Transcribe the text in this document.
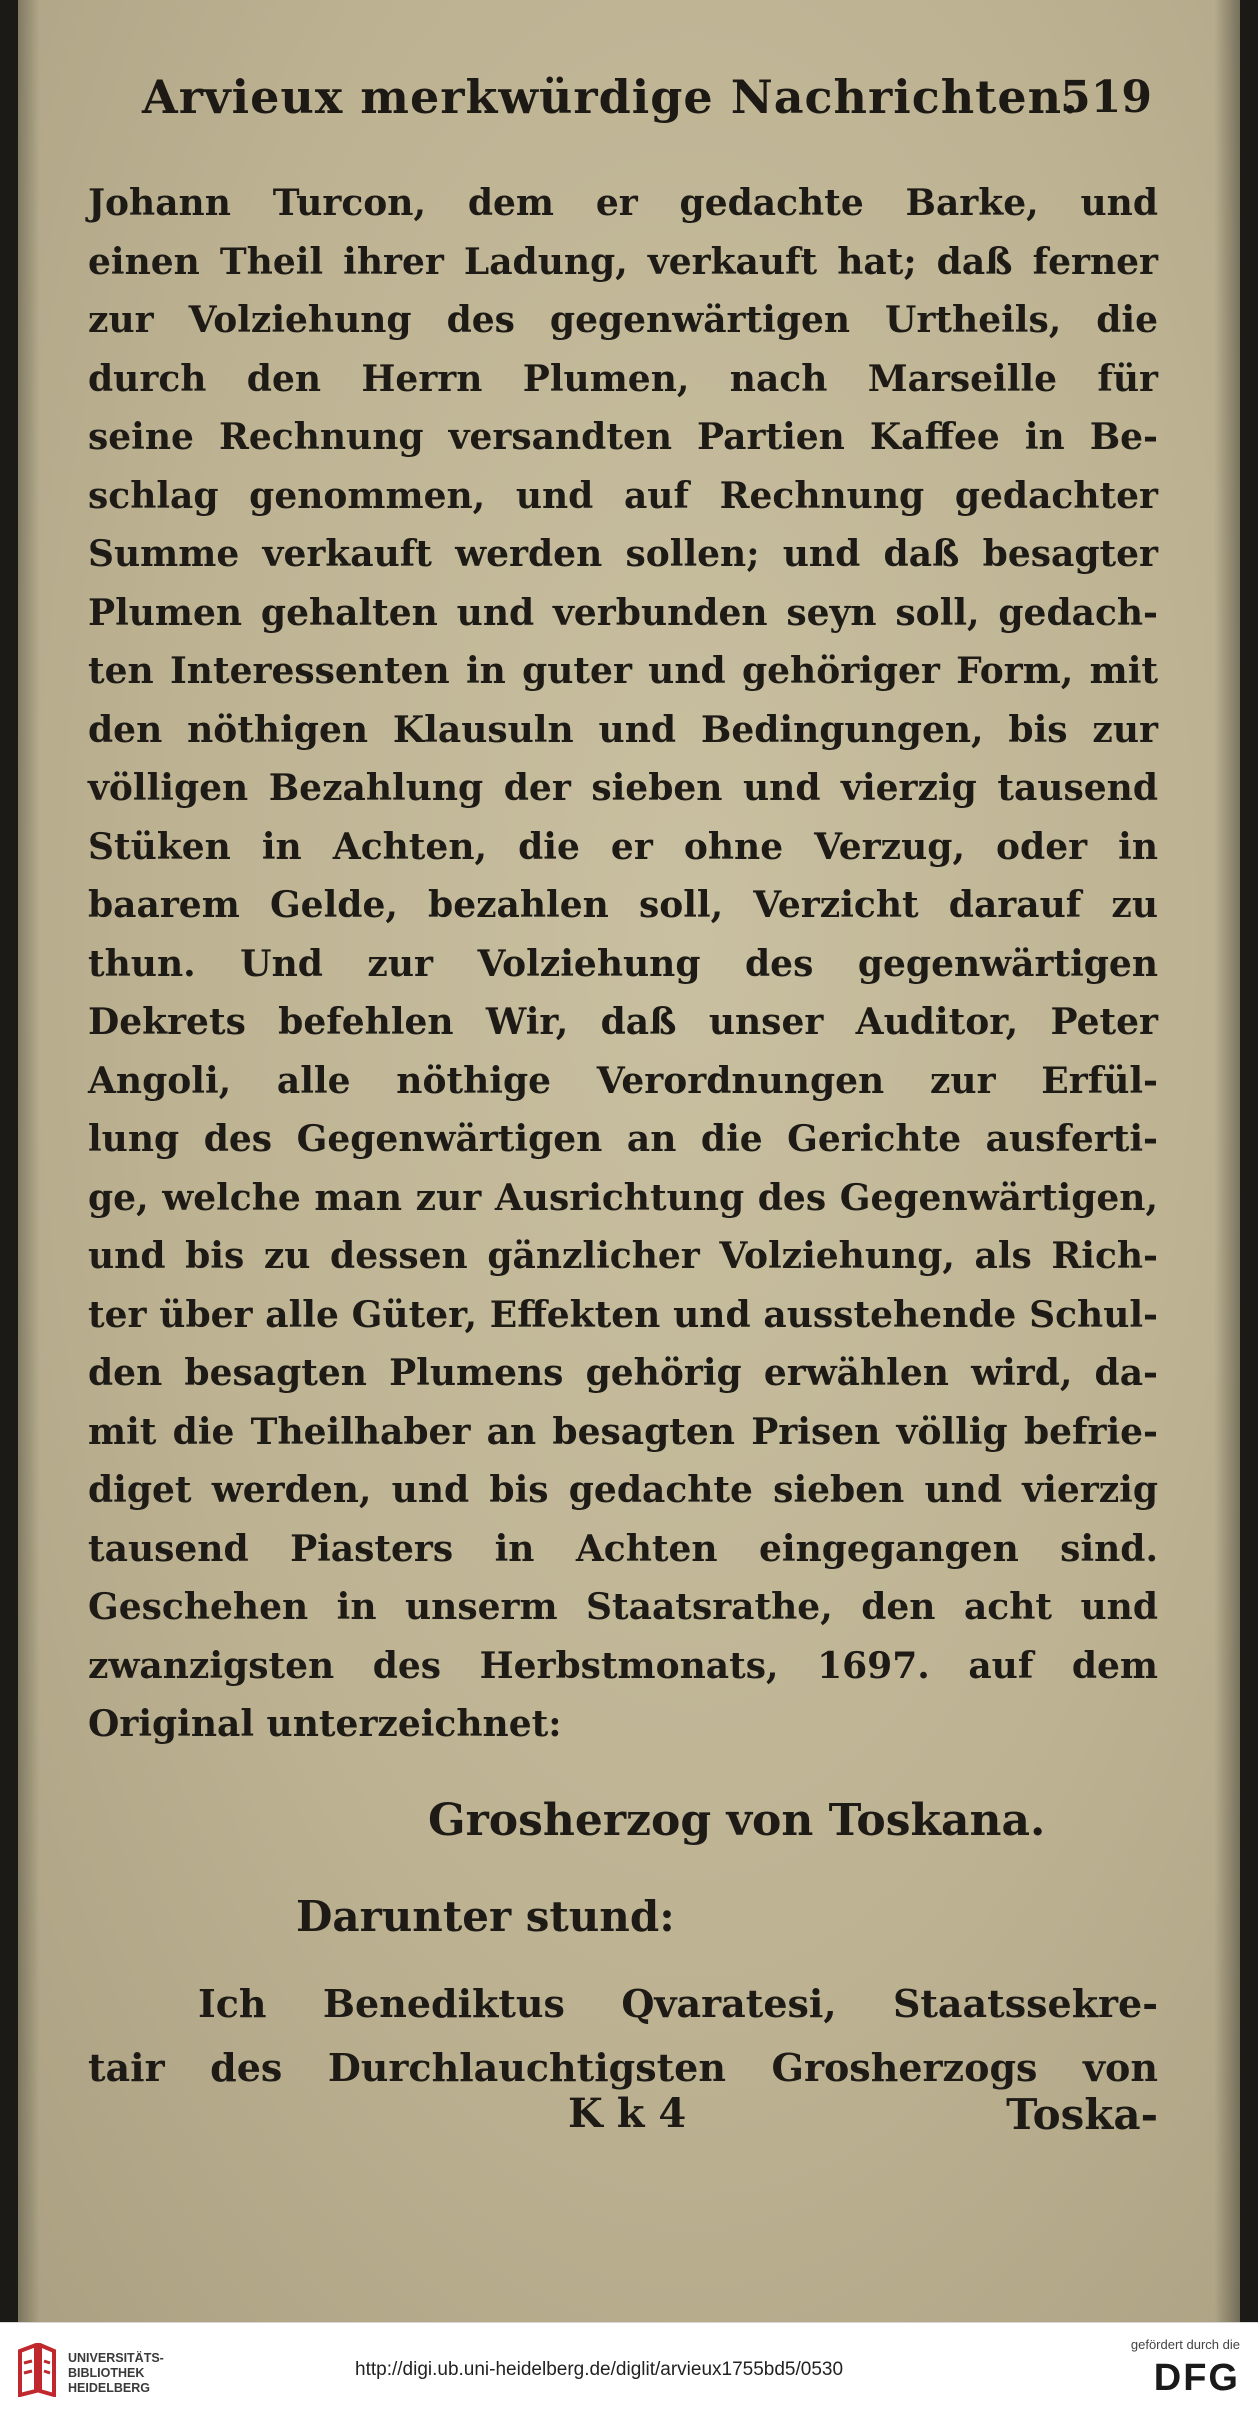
Arvieux merkwürdige Nachrichten.
519
Johann Turcon, dem er gedachte Barke, und
einen Theil ihrer Ladung, verkauft hat; daß ferner
zur Volziehung des gegenwärtigen Urtheils, die
durch den Herrn Plumen, nach Marseille für
seine Rechnung versandten Partien Kaffee in Be-
schlag genommen, und auf Rechnung gedachter
Summe verkauft werden sollen; und daß besagter
Plumen gehalten und verbunden seyn soll, gedach-
ten Interessenten in guter und gehöriger Form, mit
den nöthigen Klausuln und Bedingungen, bis zur
völligen Bezahlung der sieben und vierzig tausend
Stüken in Achten, die er ohne Verzug, oder in
baarem Gelde, bezahlen soll, Verzicht darauf zu
thun. Und zur Volziehung des gegenwärtigen
Dekrets befehlen Wir, daß unser Auditor, Peter
Angoli, alle nöthige Verordnungen zur Erfül-
lung des Gegenwärtigen an die Gerichte ausferti-
ge, welche man zur Ausrichtung des Gegenwärtigen,
und bis zu dessen gänzlicher Volziehung, als Rich-
ter über alle Güter, Effekten und ausstehende Schul-
den besagten Plumens gehörig erwählen wird, da-
mit die Theilhaber an besagten Prisen völlig befrie-
diget werden, und bis gedachte sieben und vierzig
tausend Piasters in Achten eingegangen sind.
Geschehen in unserm Staatsrathe, den acht und
zwanzigsten des Herbstmonats, 1697. auf dem
Original unterzeichnet:
Grosherzog von Toskana.
Darunter stund:
Ich Benediktus Qvaratesi, Staatssekre-
tair des Durchlauchtigsten Grosherzogs von
K k 4	Toska-
UNIVERSITÄTS-
BIBLIOTHEK
HEIDELBERG
http://digi.ub.uni-heidelberg.de/diglit/arvieux1755bd5/0530
gefördert durch die
DFG
